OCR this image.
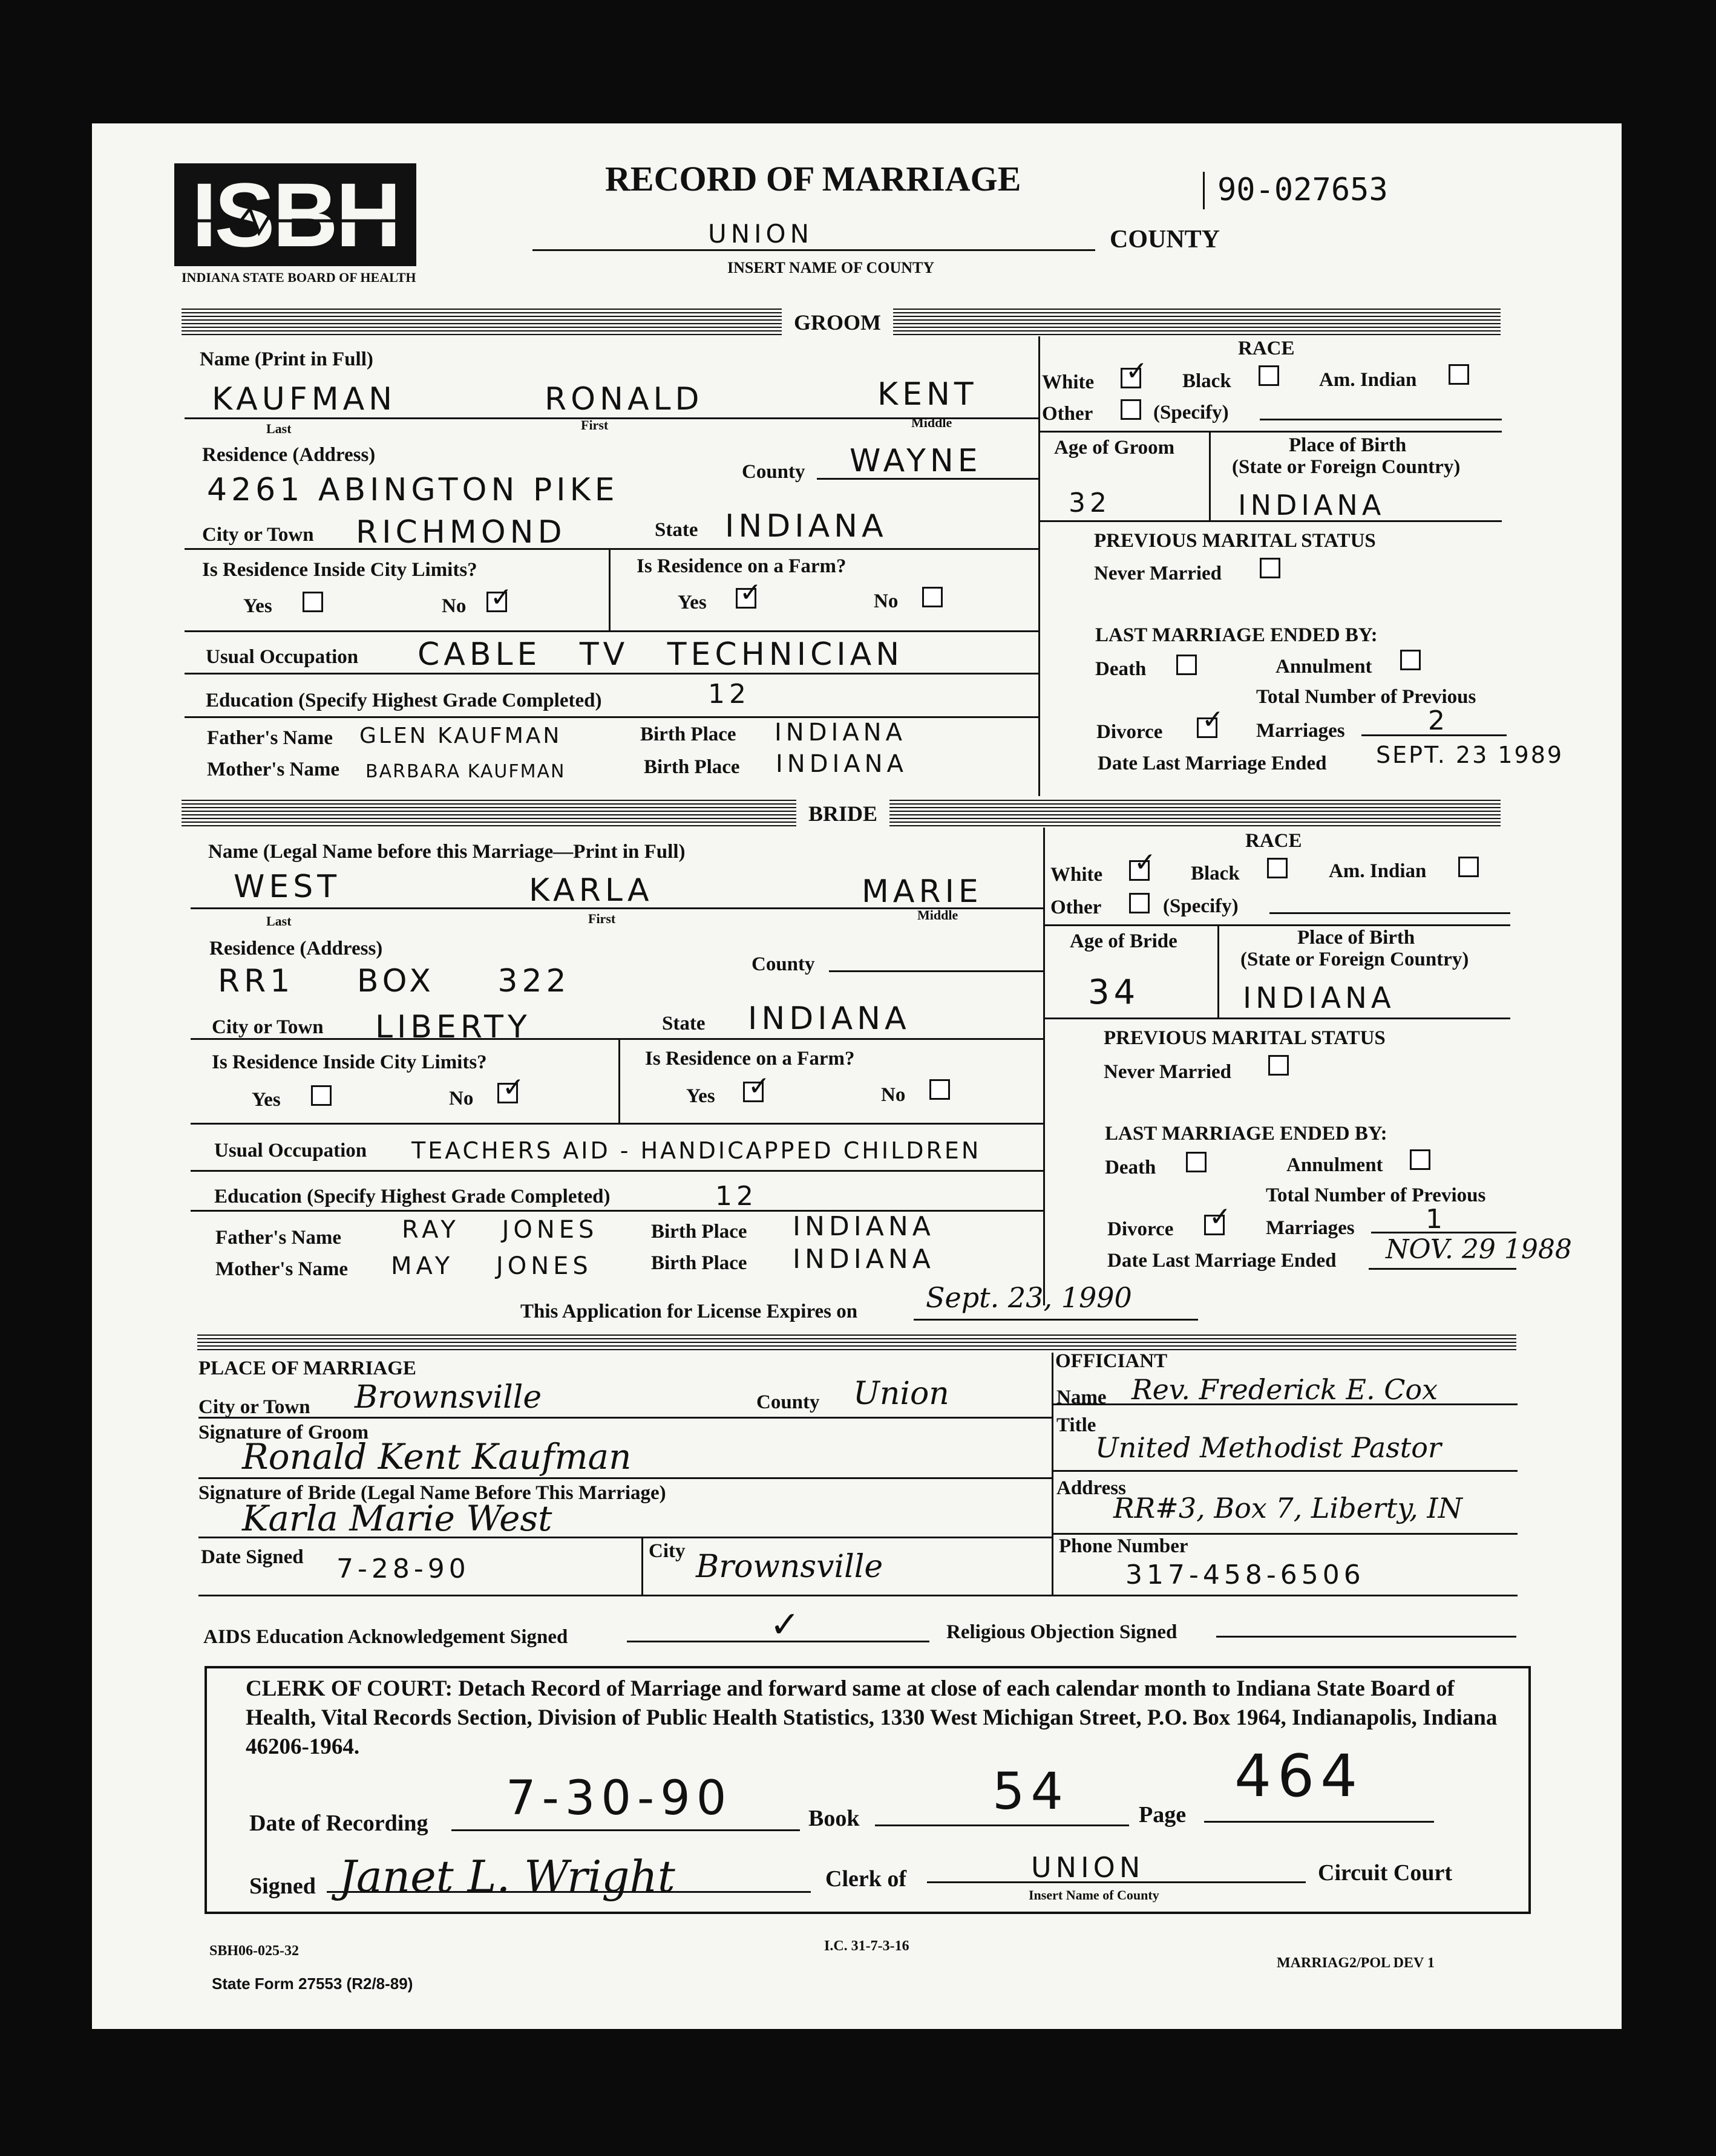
ISBH
INDIANA STATE BOARD OF HEALTH
RECORD OF MARRIAGE	90-027653
UNION	COUNTY
INSERT NAME OF COUNTY
GROOM
Name (Print in Full)
KAUFMAN	RONALD	KENT
Last	First	Middle
Residence (Address)
4261 ABINGTON PIKE	County WAYNE
City or Town RICHMOND	State INDIANA
Is Residence Inside City Limits?
Yes	No ✓
Is Residence on a Farm?
Yes ✓	No
Usual Occupation CABLE TV TECHNICIAN
Education (Specify Highest Grade Completed)	12
Father's Name GLEN KAUFMAN	Birth Place INDIANA
Mother's Name BARBARA KAUFMAN	Birth Place INDIANA
RACE
White ✓ Black	Am. Indian
Other	(Specify)
Age of Groom
32
Place of Birth
(State or Foreign Country)
INDIANA
PREVIOUS MARITAL STATUS
Never Married
LAST MARRIAGE ENDED BY:
Death	Annulment
Total Number of Previous
Divorce ✓ Marriages	2
Date Last Marriage Ended SEPT. 23 1989
BRIDE
Name (Legal Name before this Marriage—Print in Full)
WEST	KARLA	MARIE
Last	First	Middle
Residence (Address)
RR1 BOX 322	County
City or Town LIBERTY	State INDIANA
Is Residence Inside City Limits?
Yes	No ✓
Is Residence on a Farm?
Yes ✓	No
Usual Occupation TEACHERS AID - HANDICAPPED CHILDREN
Education (Specify Highest Grade Completed)	12
Father's Name RAY JONES	Birth Place INDIANA
Mother's Name MAY JONES	Birth Place INDIANA
RACE
White ✓ Black	Am. Indian
Other	(Specify)
Age of Bride
34
Place of Birth
(State or Foreign Country)
INDIANA
PREVIOUS MARITAL STATUS
Never Married
LAST MARRIAGE ENDED BY:
Death	Annulment
Total Number of Previous
Divorce ✓ Marriages	1
Date Last Marriage Ended NOV. 29 1988
This Application for License Expires on Sept. 23, 1990
PLACE OF MARRIAGE
City or Town Brownsville	County Union
Signature of Groom
Ronald Kent Kaufman
Signature of Bride (Legal Name Before This Marriage)
Karla Marie West
Date Signed 7-28-90
City Brownsville
OFFICIANT
Name Rev. Frederick E. Cox
Title
United Methodist Pastor
Address
RR#3, Box 7, Liberty, IN
Phone Number
317-458-6506
AIDS Education Acknowledgement Signed	✓	Religious Objection Signed
CLERK OF COURT: Detach Record of Marriage and forward same at close of each calendar month to Indiana State Board of Health, Vital Records Section, Division of Public Health Statistics, 1330 West Michigan Street, P.O. Box 1964, Indianapolis, Indiana 46206-1964.
Date of Recording 7-30-90	Book	54	Page
464
Signed Janet L. Wright	Clerk of	UNION
Insert Name of County
Circuit Court
SBH06-025-32
State Form 27553 (R2/8-89)
I.C. 31-7-3-16
MARRIAG2/POL DEV 1
